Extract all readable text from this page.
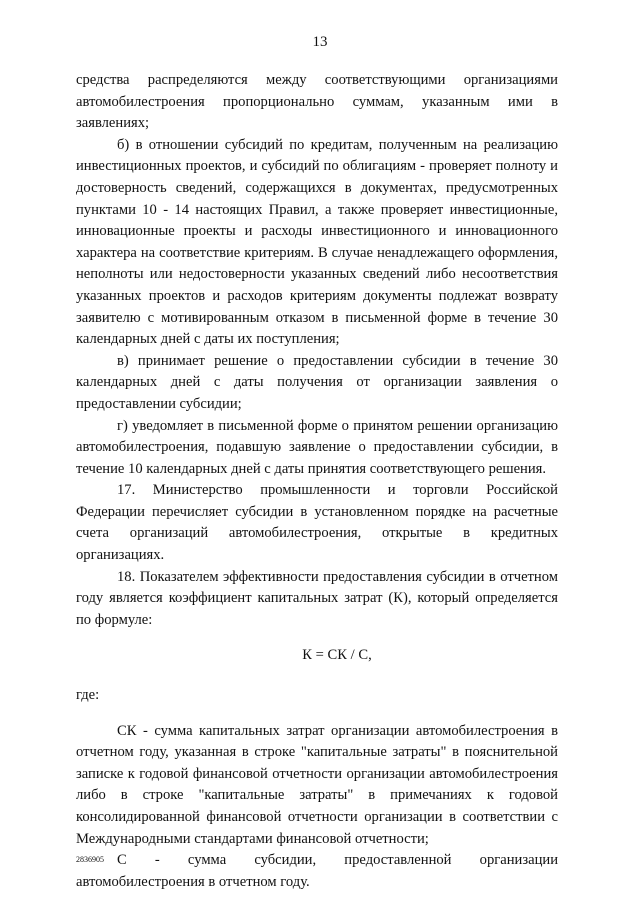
13

средства распределяются между соответствующими организациями автомобилестроения пропорционально суммам, указанным ими в заявлениях;

б) в отношении субсидий по кредитам, полученным на реализацию инвестиционных проектов, и субсидий по облигациям - проверяет полноту и достоверность сведений, содержащихся в документах, предусмотренных пунктами 10 - 14 настоящих Правил, а также проверяет инвестиционные, инновационные проекты и расходы инвестиционного и инновационного характера на соответствие критериям. В случае ненадлежащего оформления, неполноты или недостоверности указанных сведений либо несоответствия указанных проектов и расходов критериям документы подлежат возврату заявителю с мотивированным отказом в письменной форме в течение 30 календарных дней с даты их поступления;

в) принимает решение о предоставлении субсидии в течение 30 календарных дней с даты получения от организации заявления о предоставлении субсидии;

г) уведомляет в письменной форме о принятом решении организацию автомобилестроения, подавшую заявление о предоставлении субсидии, в течение 10 календарных дней с даты принятия соответствующего решения.

17. Министерство промышленности и торговли Российской Федерации перечисляет субсидии в установленном порядке на расчетные счета организаций автомобилестроения, открытые в кредитных организациях.

18. Показателем эффективности предоставления субсидии в отчетном году является коэффициент капитальных затрат (К), который определяется по формуле:

К = СК / С,

где:

СК - сумма капитальных затрат организации автомобилестроения в отчетном году, указанная в строке "капитальные затраты" в пояснительной записке к годовой финансовой отчетности организации автомобилестроения либо в строке "капитальные затраты" в примечаниях к годовой консолидированной финансовой отчетности организации в соответствии с Международными стандартами финансовой отчетности;

С - сумма субсидии, предоставленной организации автомобилестроения в отчетном году.

2836905
